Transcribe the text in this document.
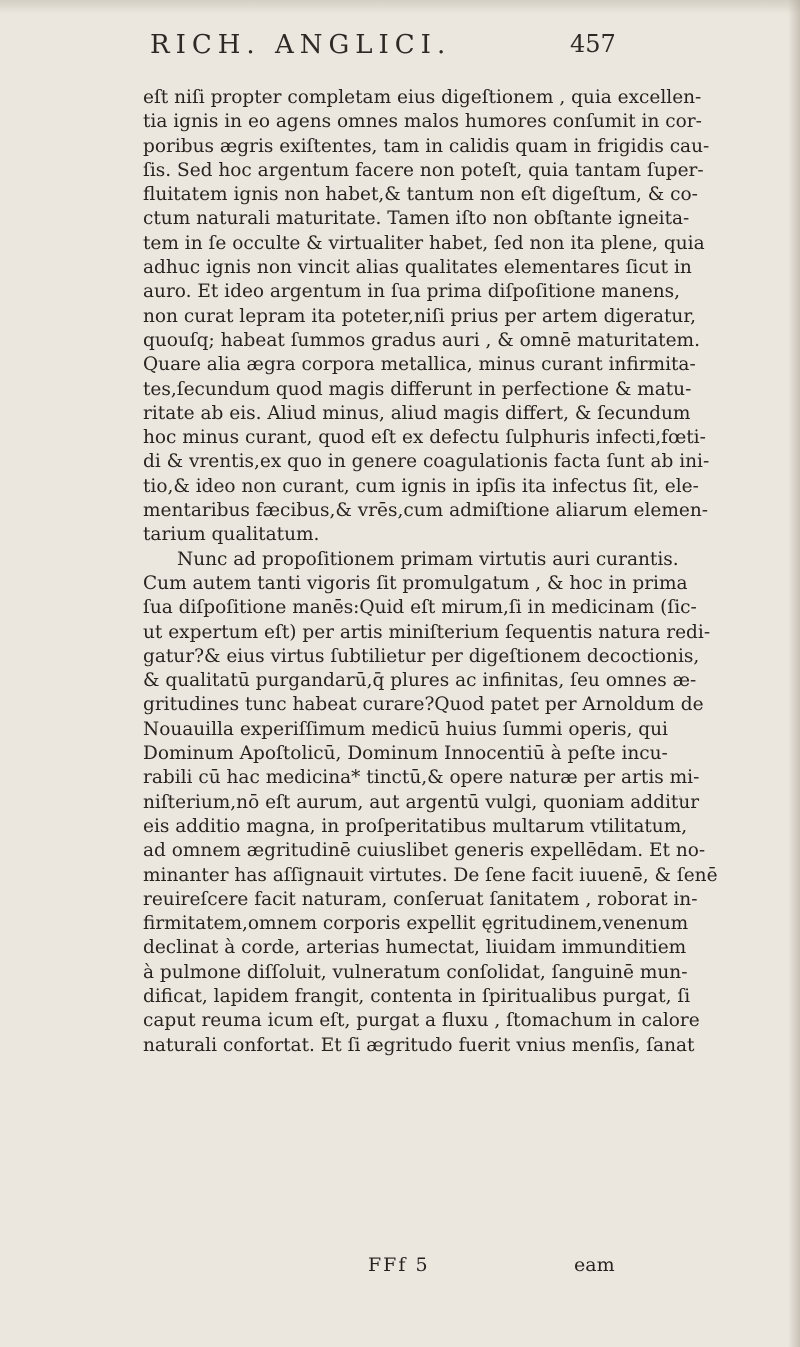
RICH. ANGLICI.	457
eſt niſi propter completam eius digeſtionem , quia excellen-
tia ignis in eo agens omnes malos humores conſumit in cor-
poribus ægris exiſtentes, tam in calidis quam in frigidis cau-
ſis. Sed hoc argentum facere non poteſt, quia tantam ſuper-
fluitatem ignis non habet,& tantum non eſt digeſtum, & co-
ctum naturali maturitate. Tamen iſto non obſtante igneita-
tem in ſe occulte & virtualiter habet, ſed non ita plene, quia
adhuc ignis non vincit alias qualitates elementares ſicut in
auro. Et ideo argentum in ſua prima diſpoſitione manens,
non curat lepram ita poteter,niſi prius per artem digeratur,
quouſq; habeat ſummos gradus auri , & omnē maturitatem.
Quare alia ægra corpora metallica, minus curant infirmita-
tes,ſecundum quod magis differunt in perfectione & matu-
ritate ab eis. Aliud minus, aliud magis differt, & ſecundum
hoc minus curant, quod eſt ex defectu ſulphuris infecti,fœti-
di & vrentis,ex quo in genere coagulationis facta ſunt ab ini-
tio,& ideo non curant, cum ignis in ipſis ita infectus ſit, ele-
mentaribus fæcibus,& vrēs,cum admiſtione aliarum elemen-
tarium qualitatum.
Nunc ad propoſitionem primam virtutis auri curantis.
Cum autem tanti vigoris ſit promulgatum , & hoc in prima
ſua diſpoſitione manēs:Quid eſt mirum,ſi in medicinam (ſic-
ut expertum eſt) per artis miniſterium ſequentis natura redi-
gatur?& eius virtus ſubtilietur per digeſtionem decoctionis,
& qualitatū purgandarū,q̄ plures ac infinitas, ſeu omnes æ-
gritudines tunc habeat curare?Quod patet per Arnoldum de
Nouauilla experiſſimum medicū huius ſummi operis, qui
Dominum Apoſtolicū, Dominum Innocentiū à peſte incu-
rabili cū hac medicina* tinctū,& opere naturæ per artis mi-
niſterium,nō eſt aurum, aut argentū vulgi, quoniam additur
eis additio magna, in proſperitatibus multarum vtilitatum,
ad omnem ægritudinē cuiuslibet generis expellēdam. Et no-
minanter has aſſignauit virtutes. De ſene facit iuuenē, & ſenē
reuireſcere facit naturam, conſeruat ſanitatem , roborat in-
firmitatem,omnem corporis expellit ęgritudinem,venenum
declinat à corde, arterias humectat, liuidam immunditiem
à pulmone diſſoluit, vulneratum conſolidat, ſanguinē mun-
dificat, lapidem frangit, contenta in ſpiritualibus purgat, ſi
caput reuma icum eſt, purgat a fluxu , ſtomachum in calore
naturali confortat. Et ſi ægritudo fuerit vnius menſis, ſanat
FFf 5	eam
